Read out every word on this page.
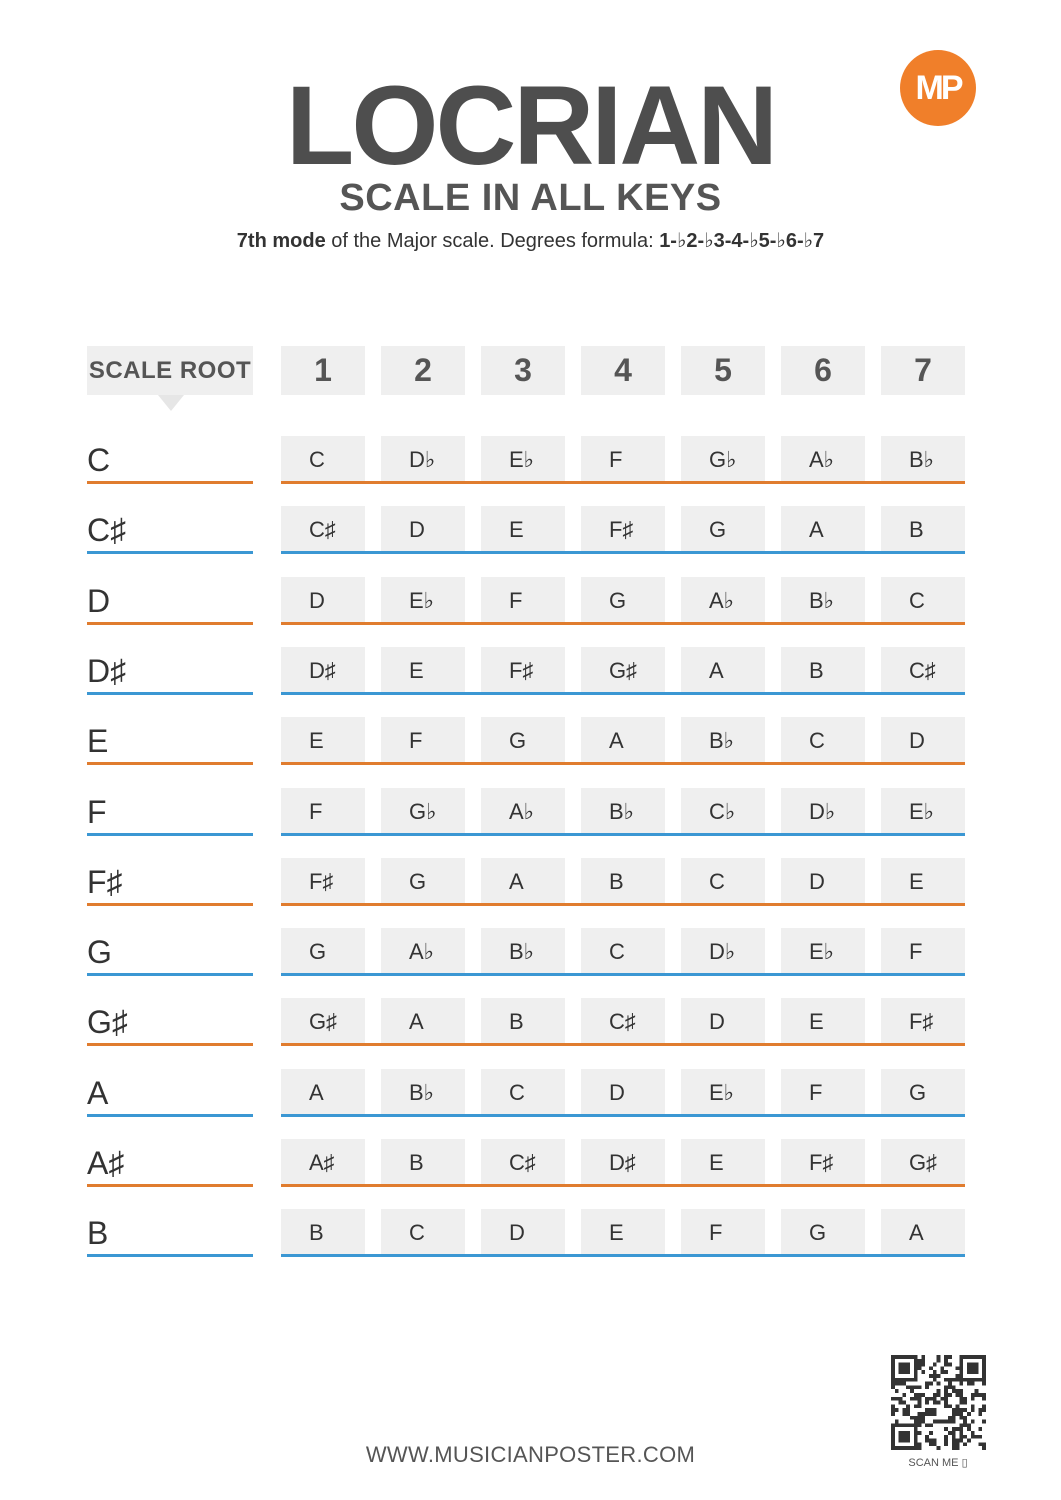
LOCRIAN
SCALE IN ALL KEYS
7th mode of the Major scale. Degrees formula: 1-♭2-♭3-4-♭5-♭6-♭7
MP
SCALE ROOT	1	2	3	4	5	6	7
C	C	D♭	E♭	F	G♭	A♭	B♭
C♯	C♯	D	E	F♯	G	A	B
D	D	E♭	F	G	A♭	B♭	C
D♯	D♯	E	F♯	G♯	A	B	C♯
E	E	F	G	A	B♭	C	D
F	F	G♭	A♭	B♭	C♭	D♭	E♭
F♯	F♯	G	A	B	C	D	E
G	G	A♭	B♭	C	D♭	E♭	F
G♯	G♯	A	B	C♯	D	E	F♯
A	A	B♭	C	D	E♭	F	G
A♯	A♯	B	C♯	D♯	E	F♯	G♯
B	B	C	D	E	F	G	A
WWW.MUSICIANPOSTER.COM	SCAN ME ▯
